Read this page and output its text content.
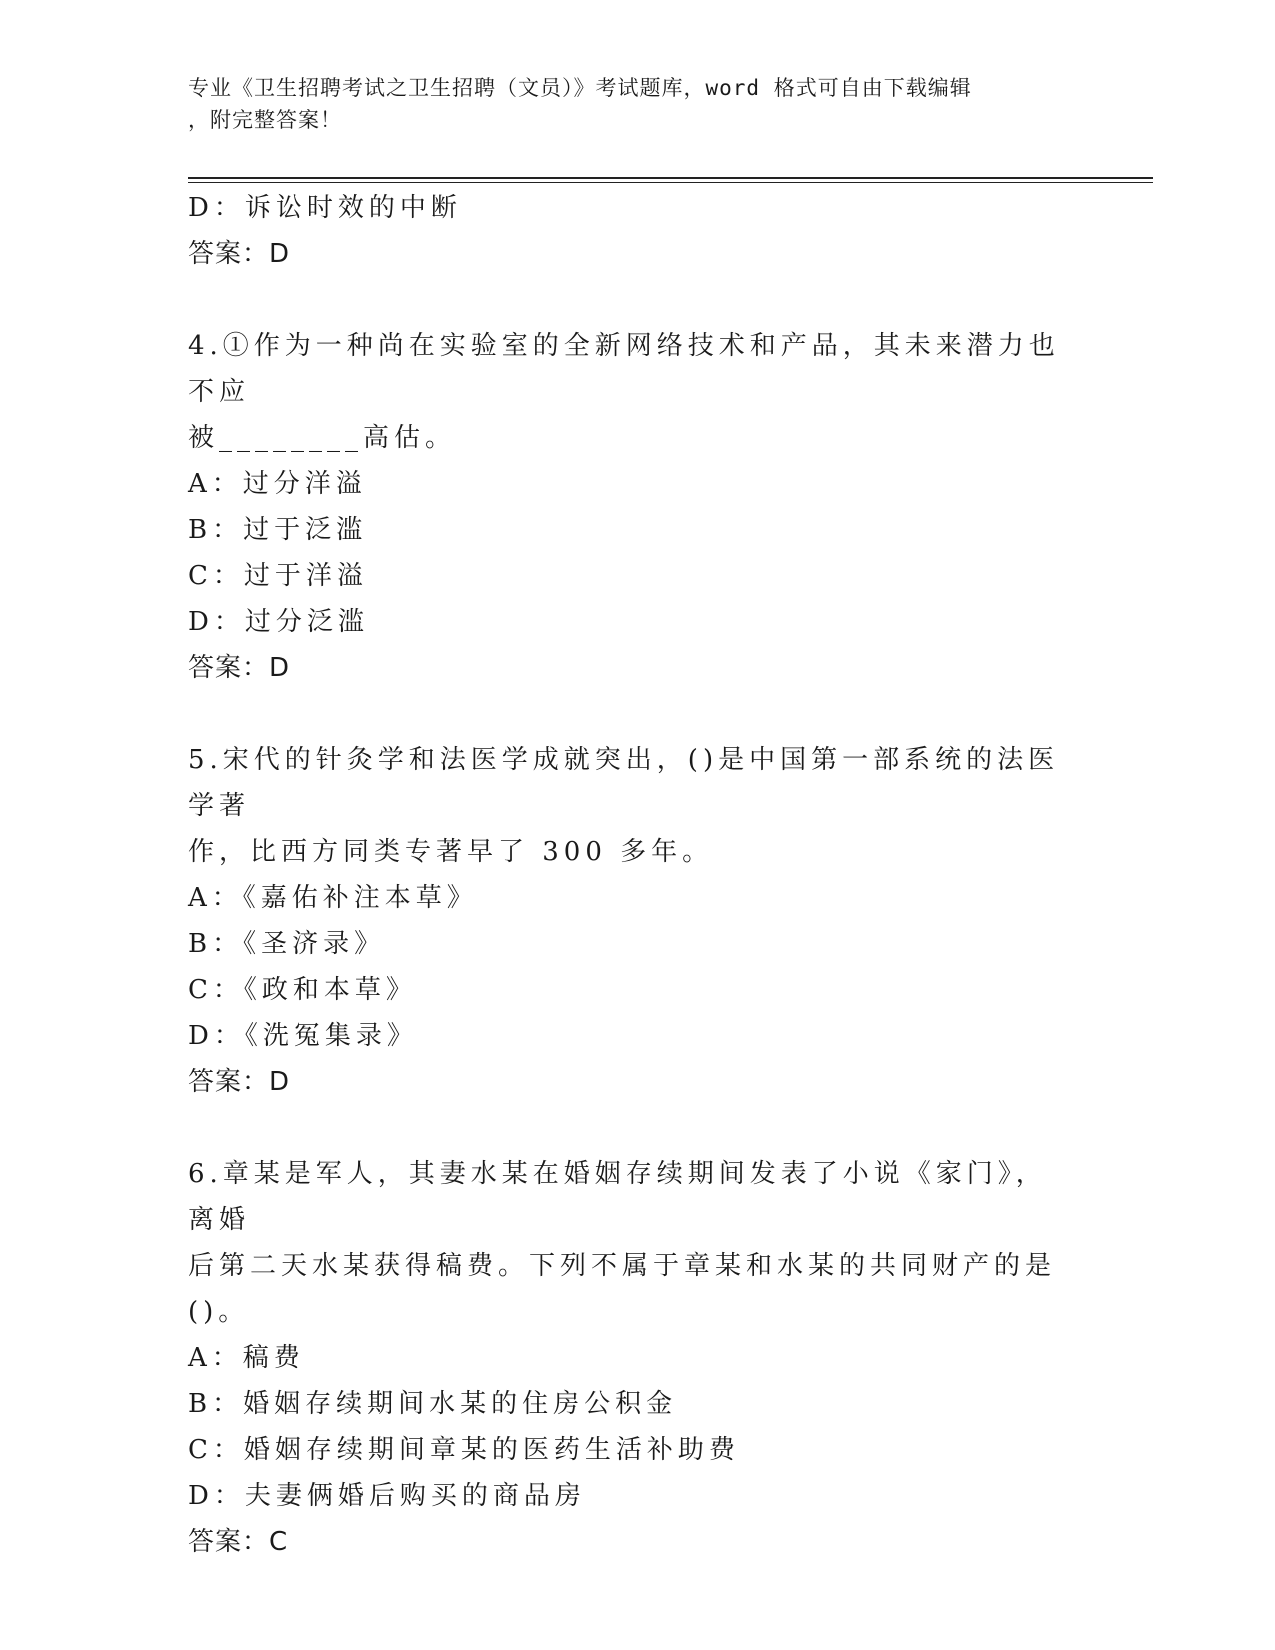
专业《卫生招聘考试之卫生招聘（文员）》考试题库，word 格式可自由下载编辑
，附完整答案！
D：诉讼时效的中断
答案：D
4.①作为一种尚在实验室的全新网络技术和产品，其未来潜力也不应
被________高估。
A：过分洋溢
B：过于泛滥
C：过于洋溢
D：过分泛滥
答案：D
5.宋代的针灸学和法医学成就突出，()是中国第一部系统的法医学著
作，比西方同类专著早了 300 多年。
A：《嘉佑补注本草》
B：《圣济录》
C：《政和本草》
D：《洗冤集录》
答案：D
6.章某是军人，其妻水某在婚姻存续期间发表了小说《家门》，离婚
后第二天水某获得稿费。下列不属于章某和水某的共同财产的是()。
A：稿费
B：婚姻存续期间水某的住房公积金
C：婚姻存续期间章某的医药生活补助费
D：夫妻俩婚后购买的商品房
答案：C
